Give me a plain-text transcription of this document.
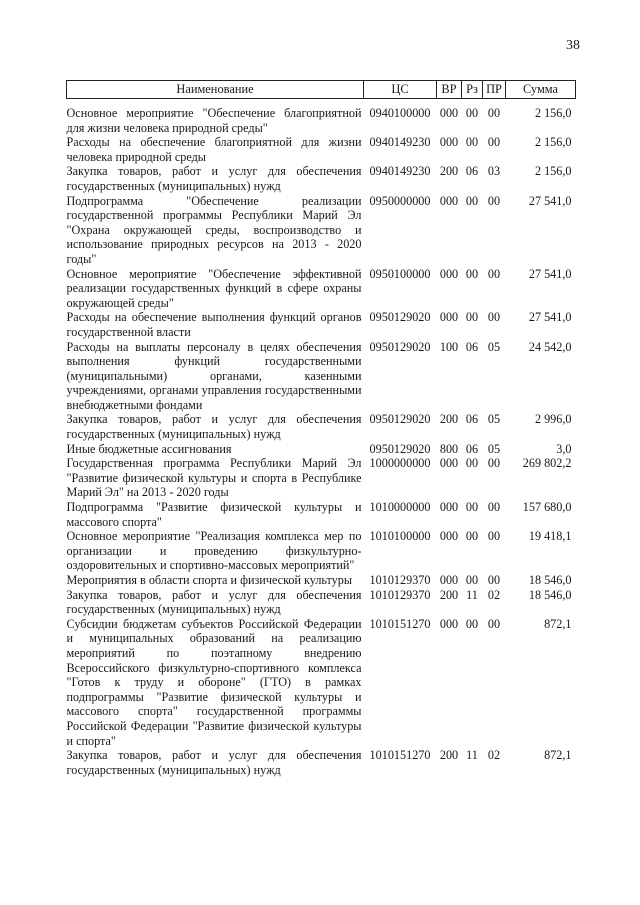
38
Наименование	ЦС	ВР	Рз	ПР	Сумма
Основное мероприятие "Обеспечение благоприятной для жизни человека природной среды"	0940100000	000	00	00	2 156,0
Расходы на обеспечение благоприятной для жизни человека природной среды	0940149230	000	00	00	2 156,0
Закупка товаров, работ и услуг для обеспечения государственных (муниципальных) нужд	0940149230	200	06	03	2 156,0
Подпрограмма "Обеспечение реализации государственной программы Республики Марий Эл "Охрана окружающей среды, воспроизводство и использование природных ресурсов на 2013 - 2020 годы"	0950000000	000	00	00	27 541,0
Основное мероприятие "Обеспечение эффективной реализации государственных функций в сфере охраны окружающей среды"	0950100000	000	00	00	27 541,0
Расходы на обеспечение выполнения функций органов государственной власти	0950129020	000	00	00	27 541,0
Расходы на выплаты персоналу в целях обеспечения выполнения функций государственными (муниципальными) органами, казенными учреждениями, органами управления государственными внебюджетными фондами	0950129020	100	06	05	24 542,0
Закупка товаров, работ и услуг для обеспечения государственных (муниципальных) нужд	0950129020	200	06	05	2 996,0
Иные бюджетные ассигнования	0950129020	800	06	05	3,0
Государственная программа Республики Марий Эл "Развитие физической культуры и спорта в Республике Марий Эл" на 2013 - 2020 годы	1000000000	000	00	00	269 802,2
Подпрограмма "Развитие физической культуры и массового спорта"	1010000000	000	00	00	157 680,0
Основное мероприятие "Реализация комплекса мер по организации и проведению физкультурно-оздоровительных и спортивно-массовых мероприятий"	1010100000	000	00	00	19 418,1
Мероприятия в области спорта и физической культуры	1010129370	000	00	00	18 546,0
Закупка товаров, работ и услуг для обеспечения государственных (муниципальных) нужд	1010129370	200	11	02	18 546,0
Субсидии бюджетам субъектов Российской Федерации и муниципальных образований на реализацию мероприятий по поэтапному внедрению Всероссийского физкультурно-спортивного комплекса "Готов к труду и обороне" (ГТО) в рамках подпрограммы "Развитие физической культуры и массового спорта" государственной программы Российской Федерации "Развитие физической культуры и спорта"	1010151270	000	00	00	872,1
Закупка товаров, работ и услуг для обеспечения государственных (муниципальных) нужд	1010151270	200	11	02	872,1
